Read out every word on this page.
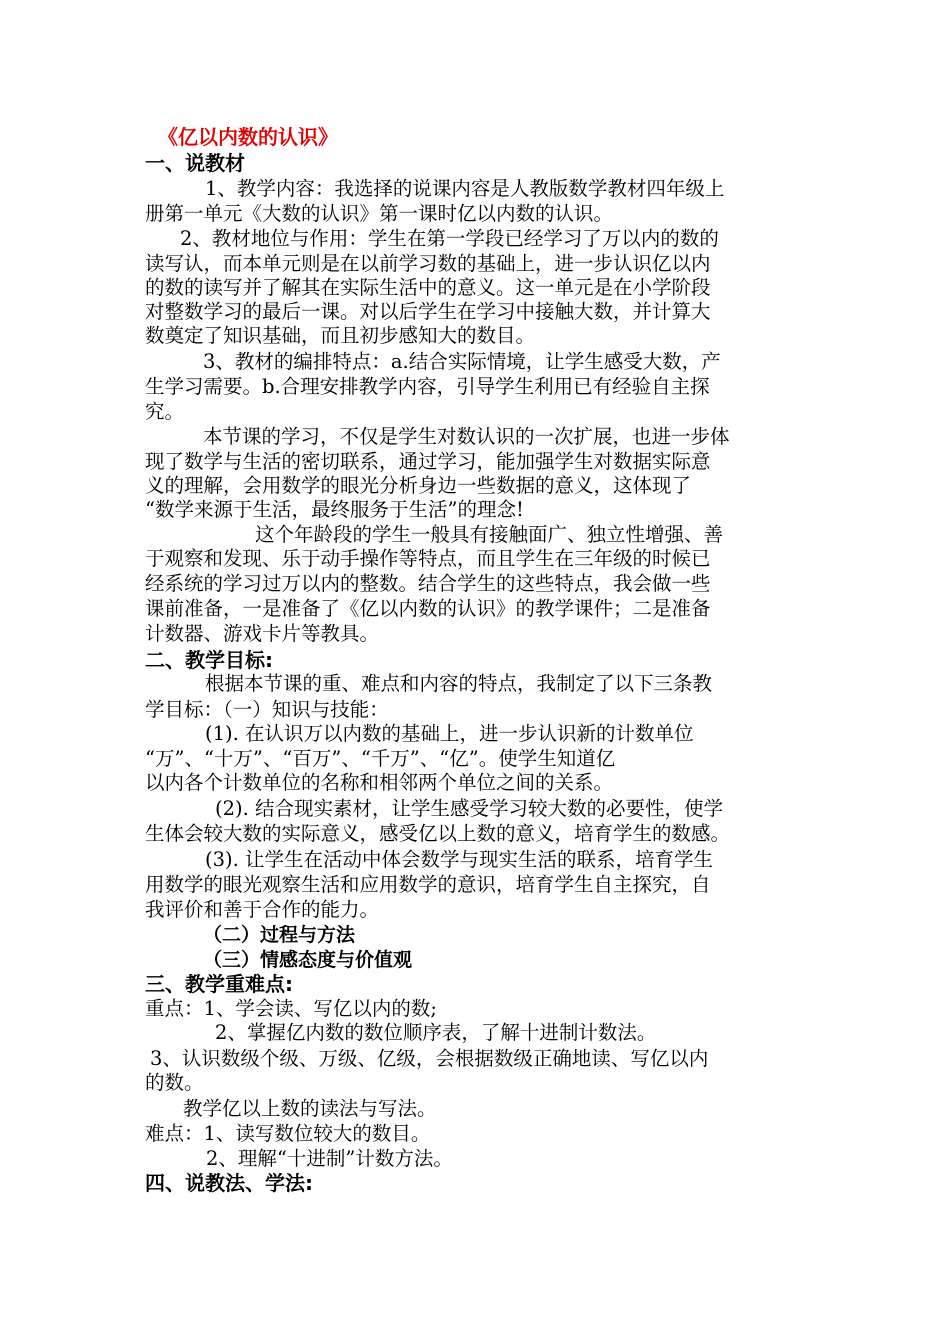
《亿以内数的认识》
一、说教材
1、教学内容：我选择的说课内容是人教版数学教材四年级上
册第一单元《大数的认识》第一课时亿以内数的认识。
2、教材地位与作用：学生在第一学段已经学习了万以内的数的
读写认，而本单元则是在以前学习数的基础上，进一步认识亿以内
的数的读写并了解其在实际生活中的意义。这一单元是在小学阶段
对整数学习的最后一课。对以后学生在学习中接触大数，并计算大
数奠定了知识基础，而且初步感知大的数目。
3、教材的编排特点：a.结合实际情境，让学生感受大数，产
生学习需要。b.合理安排教学内容，引导学生利用已有经验自主探
究。
本节课的学习，不仅是学生对数认识的一次扩展，也进一步体
现了数学与生活的密切联系，通过学习，能加强学生对数据实际意
义的理解，会用数学的眼光分析身边一些数据的意义，这体现了
“数学来源于生活，最终服务于生活”的理念!
这个年龄段的学生一般具有接触面广、独立性增强、善
于观察和发现、乐于动手操作等特点，而且学生在三年级的时候已
经系统的学习过万以内的整数。结合学生的这些特点，我会做一些
课前准备，一是准备了《亿以内数的认识》的教学课件；二是准备
计数器、游戏卡片等教具。
二、教学目标:
根据本节课的重、难点和内容的特点，我制定了以下三条教
学目标：（一）知识与技能：
(1). 在认识万以内数的基础上，进一步认识新的计数单位
“万”、“十万”、“百万”、“千万”、“亿”。使学生知道亿
以内各个计数单位的名称和相邻两个单位之间的关系。
(2). 结合现实素材，让学生感受学习较大数的必要性，使学
生体会较大数的实际意义，感受亿以上数的意义，培育学生的数感。
(3). 让学生在活动中体会数学与现实生活的联系，培育学生
用数学的眼光观察生活和应用数学的意识，培育学生自主探究，自
我评价和善于合作的能力。
（二）过程与方法
（三）情感态度与价值观
三、教学重难点:
重点：1、学会读、写亿以内的数;
2、掌握亿内数的数位顺序表，了解十进制计数法。
3、认识数级个级、万级、亿级，会根据数级正确地读、写亿以内
的数。
教学亿以上数的读法与写法。
难点：1、读写数位较大的数目。
2、理解“十进制”计数方法。
四、说教法、学法:
